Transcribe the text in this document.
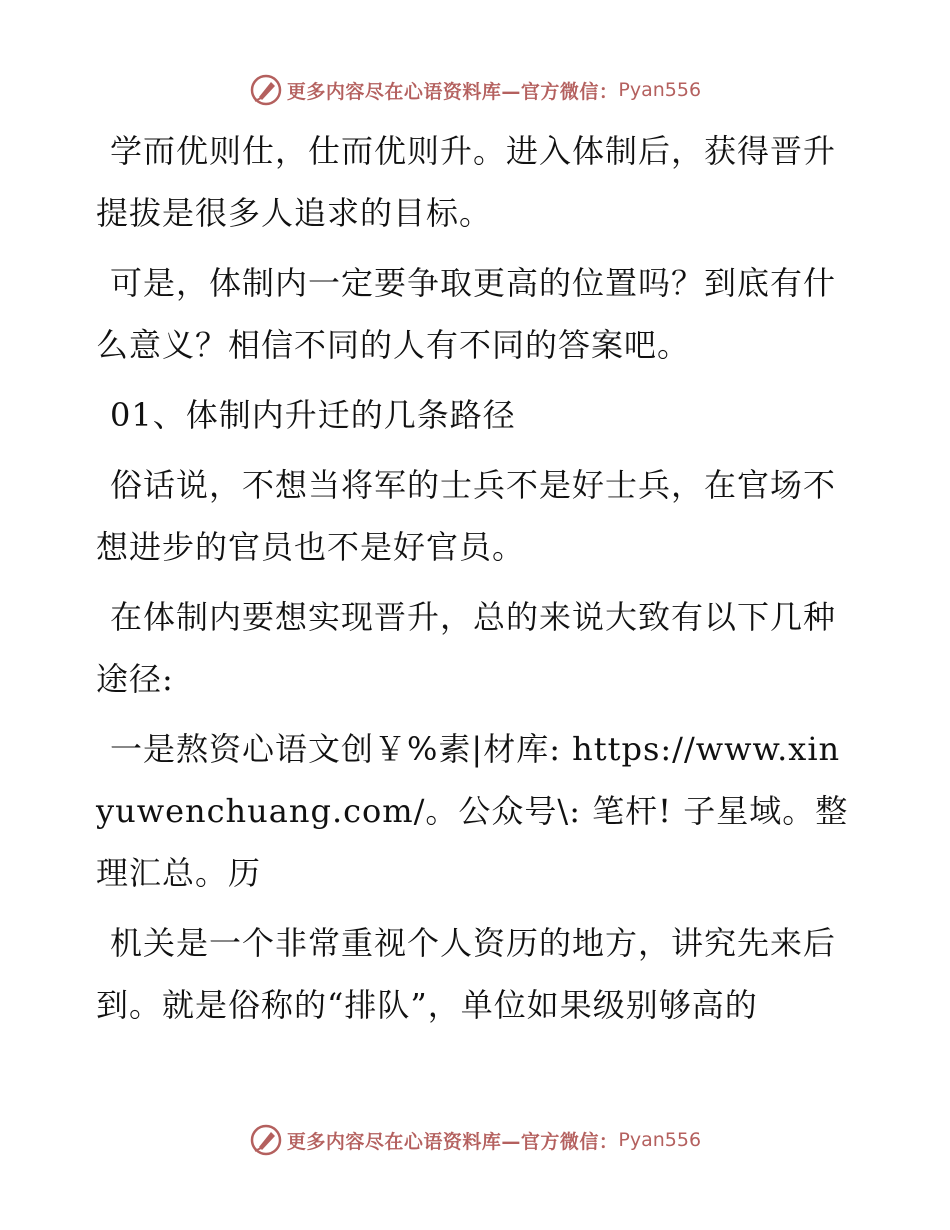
更多内容尽在心语资料库—官方微信： Pyan556

学而优则仕，仕而优则升。进入体制后，获得晋升提拔是很多人追求的目标。

可是，体制内一定要争取更高的位置吗？到底有什么意义？相信不同的人有不同的答案吧。

01、体制内升迁的几条路径

俗话说，不想当将军的士兵不是好士兵，在官场不想进步的官员也不是好官员。

在体制内要想实现晋升，总的来说大致有以下几种途径:

一是熬资心语文创￥%素|材库: https://www.xinyuwenchuang.com/。公众号\: 笔杆! 子星域。整理汇总。历

机关是一个非常重视个人资历的地方，讲究先来后到。就是俗称的“排队”，单位如果级别够高的

更多内容尽在心语资料库—官方微信： Pyan556
